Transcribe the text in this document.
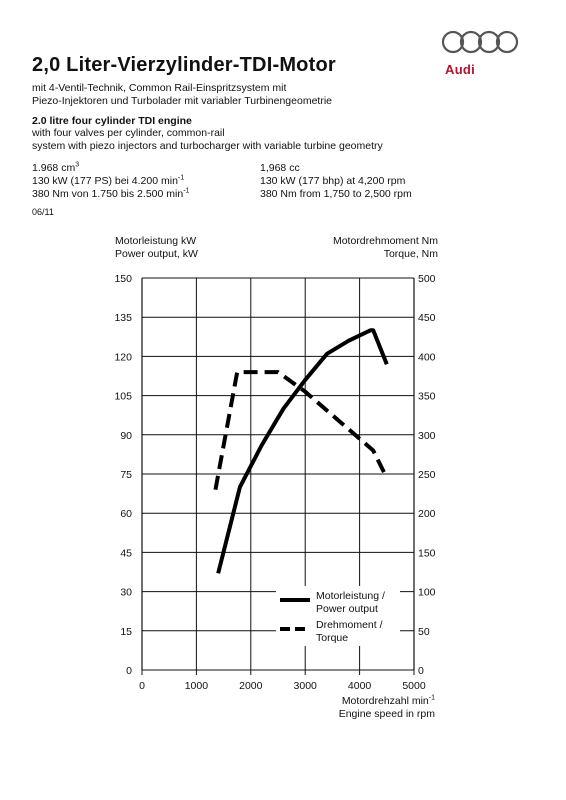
Audi
2,0 Liter-Vierzylinder-TDI-Motor
mit 4-Ventil-Technik, Common Rail-Einspritzsystem mit
Piezo-Injektoren und Turbolader mit variabler Turbinengeometrie
2.0 litre four cylinder TDI engine
with four valves per cylinder, common-rail
system with piezo injectors and turbocharger with variable turbine geometry
1.968 $cm^3$
130 kW (177 PS) bei 4.200 $\min^{-1}$
380 Nm von 1.750 bis 2.500 $\min^{-1}$
1,968 cc
130 kW (177 bhp) at 4,200 rpm
380 Nm from 1,750 to 2,500 rpm
06/11
Motorleistung kW
Power output, kW
Motordrehmoment Nm
Torque, Nm
Motordrehzahl $\min^{-1}$
Engine speed in rpm
0	1000	2000	3000	4000	5000
0
15
30
45
60
75
90
105
120
135
150
0
50
100
150
200
250
300
350
400
450
500
Motorleistung /
Power output
Drehmoment /
Torque
